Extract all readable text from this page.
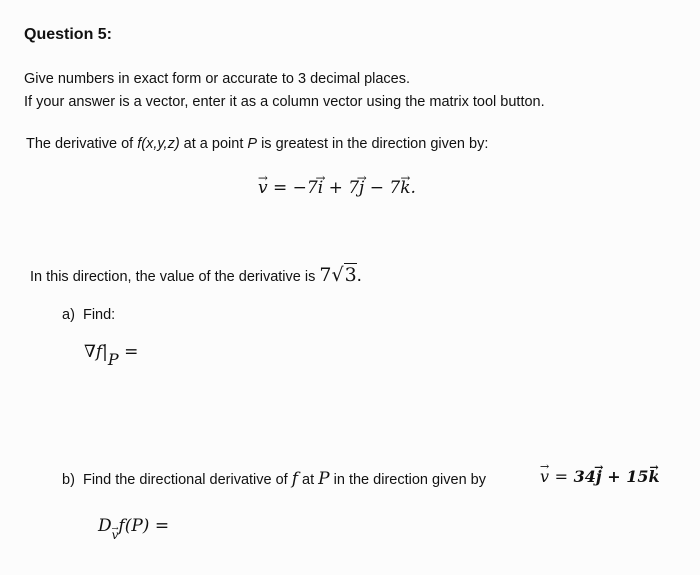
Question 5:
Give numbers in exact form or accurate to 3 decimal places.
If your answer is a vector, enter it as a column vector using the matrix tool button.
The derivative of f(x,y,z) at a point P is greatest in the direction given by:
→ v = −7→ i + 7→ j − 7→ k.
In this direction, the value of the derivative is 7√3.
a) Find:
$\nabla f|_P$ =
b) Find the directional derivative of f at P in the direction given by
→	v = 34→ j + 15→ k
D→ $_v$f(P) =
